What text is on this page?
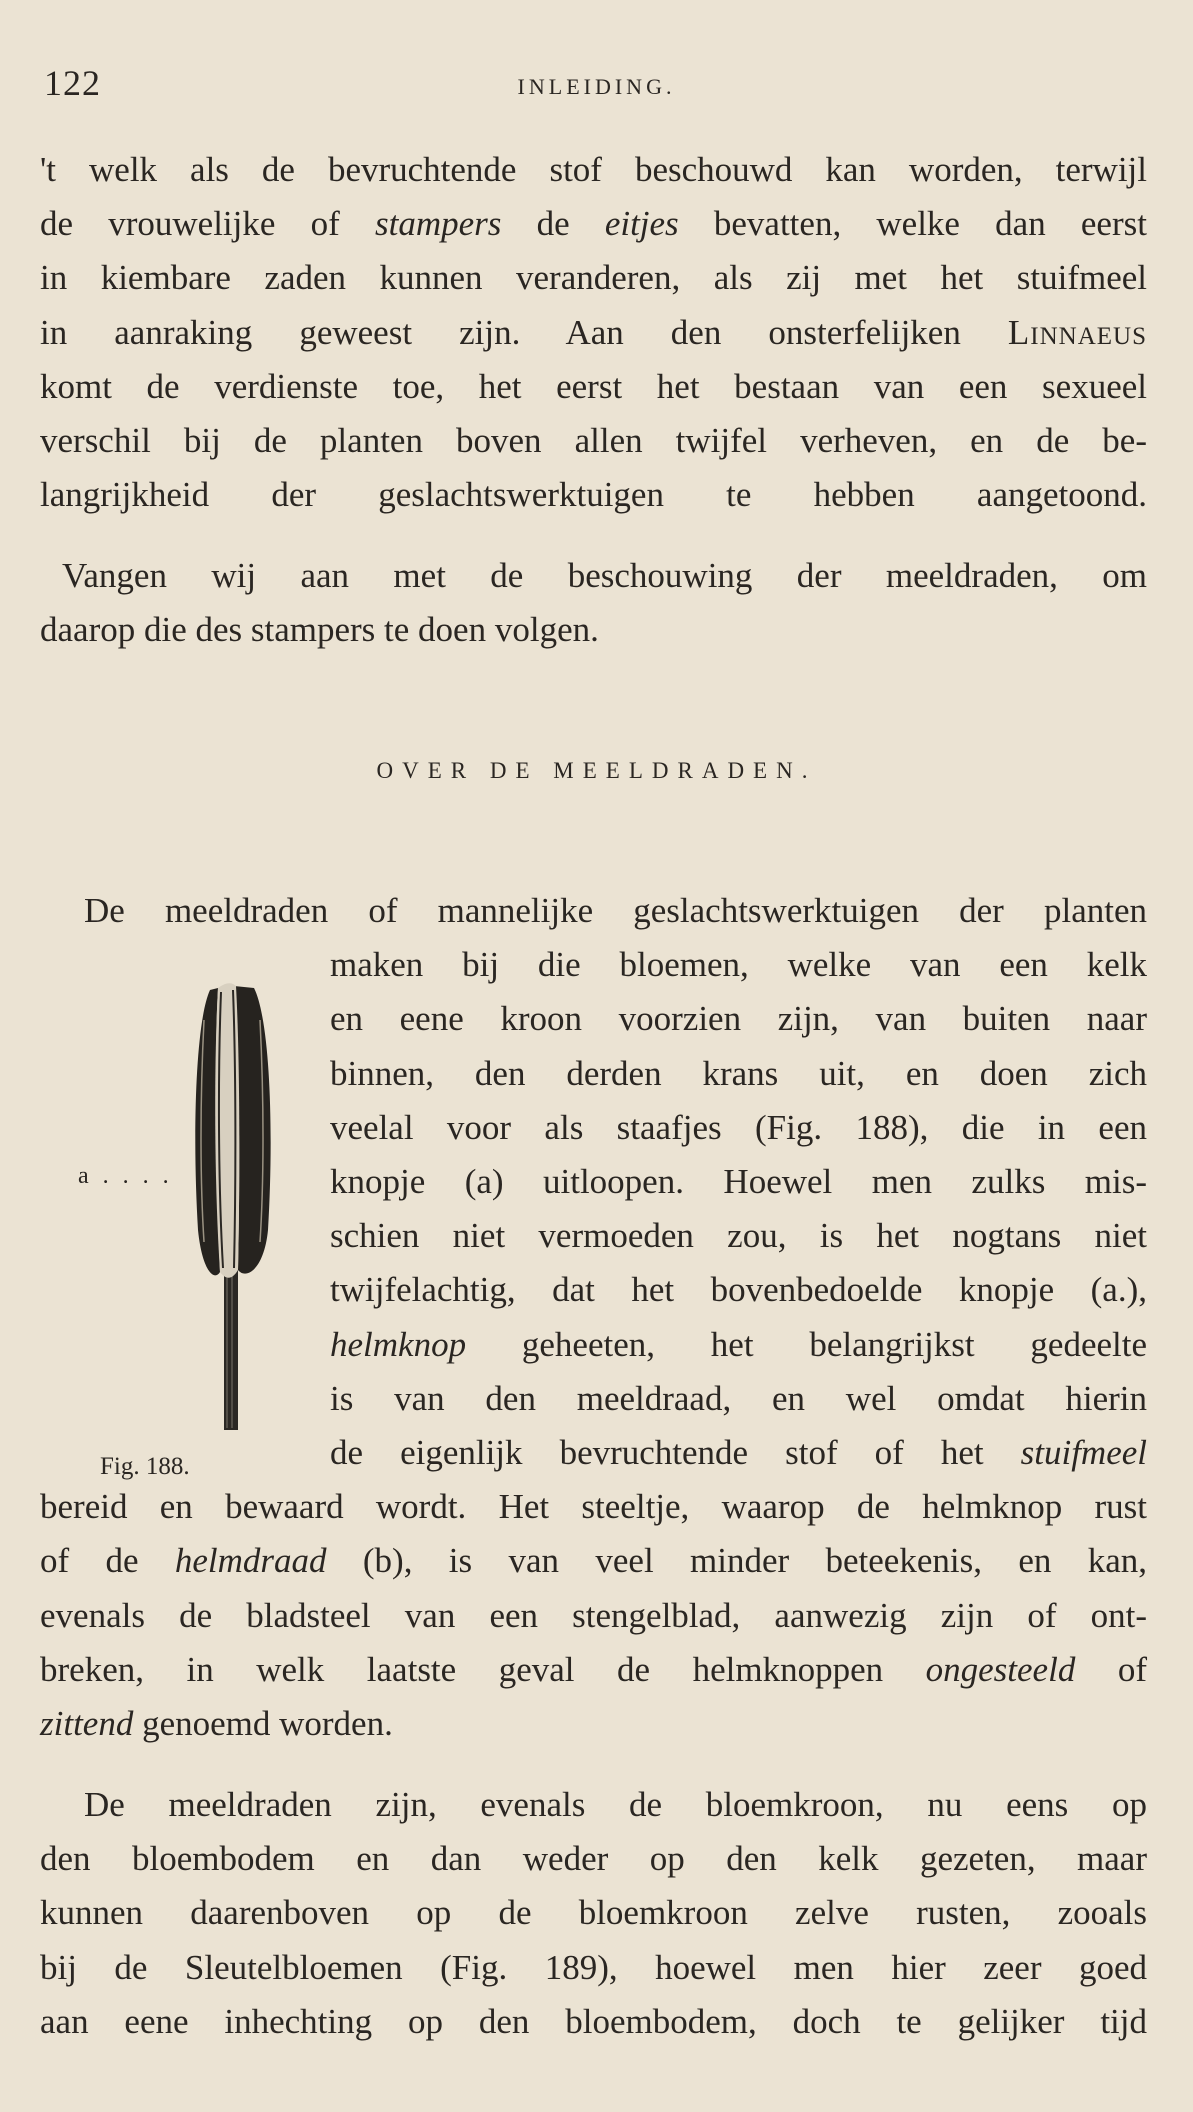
122	INLEIDING.
't welk als de bevruchtende stof beschouwd kan worden, terwijl
de vrouwelijke of stampers de eitjes bevatten, welke dan eerst
in kiembare zaden kunnen veranderen, als zij met het stuifmeel
in aanraking geweest zijn. Aan den onsterfelijken Linnaeus
komt de verdienste toe, het eerst het bestaan van een sexueel
verschil bij de planten boven allen twijfel verheven, en de be-
langrijkheid der geslachtswerktuigen te hebben aangetoond.
Vangen wij aan met de beschouwing der meeldraden, om
daarop die des stampers te doen volgen.
OVER DE MEELDRADEN.
a . . . .
Fig. 188.
De meeldraden of mannelijke geslachtswerktuigen der planten
maken bij die bloemen, welke van een kelk
en eene kroon voorzien zijn, van buiten naar
binnen, den derden krans uit, en doen zich
veelal voor als staafjes (Fig. 188), die in een
knopje (a) uitloopen. Hoewel men zulks mis-
schien niet vermoeden zou, is het nogtans niet
twijfelachtig, dat het bovenbedoelde knopje (a.),
helmknop geheeten, het belangrijkst gedeelte
is van den meeldraad, en wel omdat hierin
de eigenlijk bevruchtende stof of het stuifmeel
bereid en bewaard wordt. Het steeltje, waarop de helmknop rust
of de helmdraad (b), is van veel minder beteekenis, en kan,
evenals de bladsteel van een stengelblad, aanwezig zijn of ont-
breken, in welk laatste geval de helmknoppen ongesteeld of
zittend genoemd worden.
De meeldraden zijn, evenals de bloemkroon, nu eens op
den bloembodem en dan weder op den kelk gezeten, maar
kunnen daarenboven op de bloemkroon zelve rusten, zooals
bij de Sleutelbloemen (Fig. 189), hoewel men hier zeer goed
aan eene inhechting op den bloembodem, doch te gelijker tijd
